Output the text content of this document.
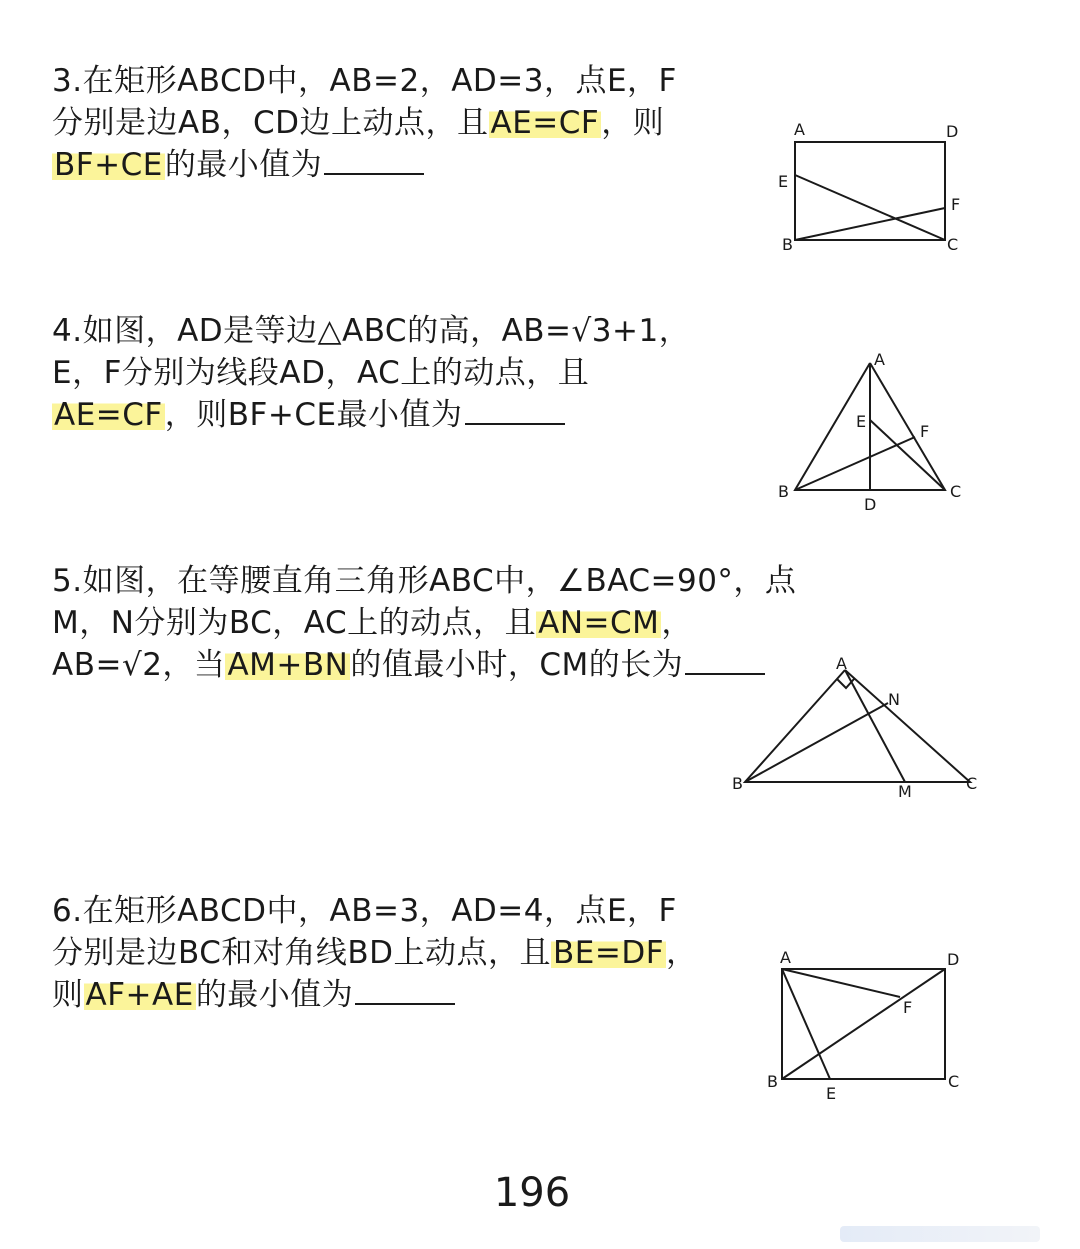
3.在矩形ABCD中，AB=2，AD=3，点E，F
分别是边AB，CD边上动点，且AE=CF，则
BF+CE的最小值为
A	D
E
F
B	C
4.如图，AD是等边△ABC的高，AB=√3+1，
E，F分别为线段AD，AC上的动点，且
AE=CF，则BF+CE最小值为
A
E
F
B
D
C
5.如图，在等腰直角三角形ABC中，∠BAC=90°，点
M，N分别为BC，AC上的动点，且AN=CM，
AB=√2，当AM+BN的值最小时，CM的长为	A
N
B	M	C
6.在矩形ABCD中，AB=3，AD=4，点E，F
分别是边BC和对角线BD上动点，且BE=DF，
则AF+AE的最小值为
A	D
F
B
E
C
196
